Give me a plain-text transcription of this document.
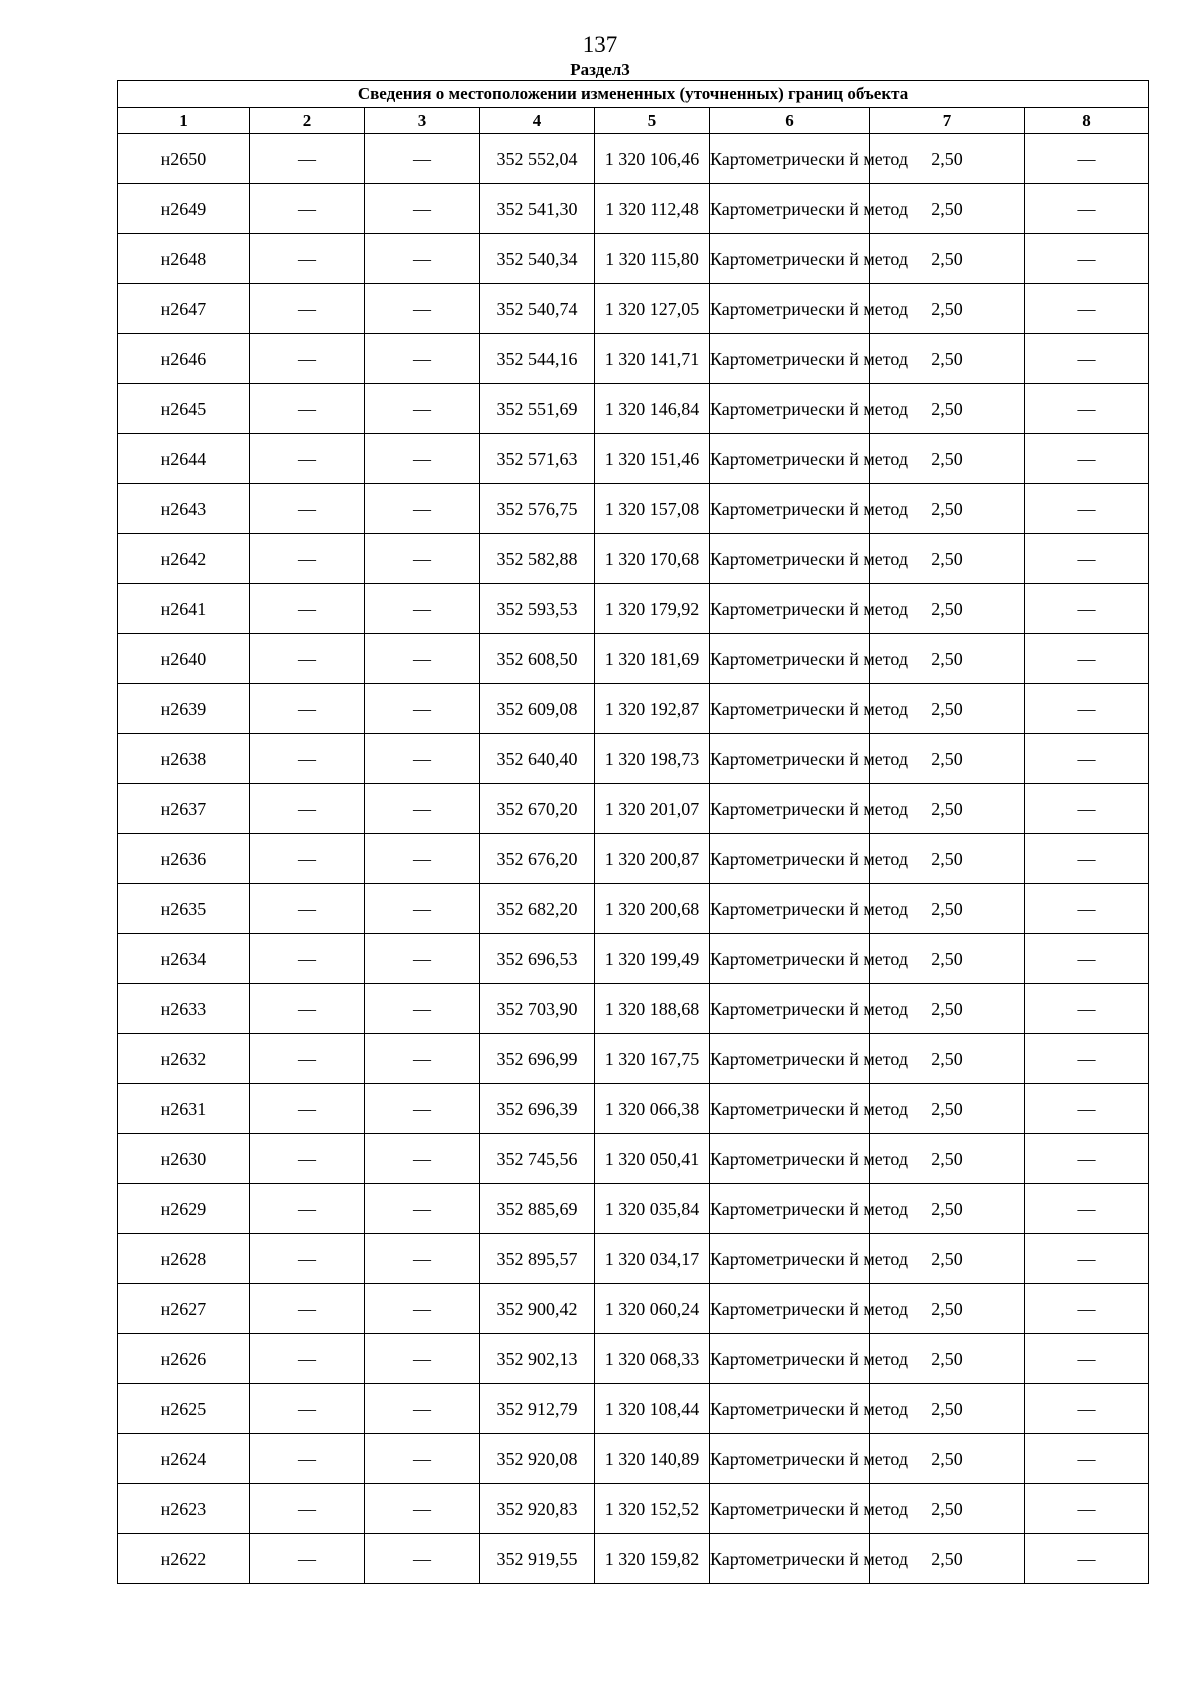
137
Раздел3
Сведения о местоположении измененных (уточненных) границ объекта							
1	2	3	4	5	6	7	8
н2650	—	—	352 552,04	1 320 106,46	Картометрически й метод	2,50	—
н2649	—	—	352 541,30	1 320 112,48	Картометрически й метод	2,50	—
н2648	—	—	352 540,34	1 320 115,80	Картометрически й метод	2,50	—
н2647	—	—	352 540,74	1 320 127,05	Картометрически й метод	2,50	—
н2646	—	—	352 544,16	1 320 141,71	Картометрически й метод	2,50	—
н2645	—	—	352 551,69	1 320 146,84	Картометрически й метод	2,50	—
н2644	—	—	352 571,63	1 320 151,46	Картометрически й метод	2,50	—
н2643	—	—	352 576,75	1 320 157,08	Картометрически й метод	2,50	—
н2642	—	—	352 582,88	1 320 170,68	Картометрически й метод	2,50	—
н2641	—	—	352 593,53	1 320 179,92	Картометрически й метод	2,50	—
н2640	—	—	352 608,50	1 320 181,69	Картометрически й метод	2,50	—
н2639	—	—	352 609,08	1 320 192,87	Картометрически й метод	2,50	—
н2638	—	—	352 640,40	1 320 198,73	Картометрически й метод	2,50	—
н2637	—	—	352 670,20	1 320 201,07	Картометрически й метод	2,50	—
н2636	—	—	352 676,20	1 320 200,87	Картометрически й метод	2,50	—
н2635	—	—	352 682,20	1 320 200,68	Картометрически й метод	2,50	—
н2634	—	—	352 696,53	1 320 199,49	Картометрически й метод	2,50	—
н2633	—	—	352 703,90	1 320 188,68	Картометрически й метод	2,50	—
н2632	—	—	352 696,99	1 320 167,75	Картометрически й метод	2,50	—
н2631	—	—	352 696,39	1 320 066,38	Картометрически й метод	2,50	—
н2630	—	—	352 745,56	1 320 050,41	Картометрически й метод	2,50	—
н2629	—	—	352 885,69	1 320 035,84	Картометрически й метод	2,50	—
н2628	—	—	352 895,57	1 320 034,17	Картометрически й метод	2,50	—
н2627	—	—	352 900,42	1 320 060,24	Картометрически й метод	2,50	—
н2626	—	—	352 902,13	1 320 068,33	Картометрически й метод	2,50	—
н2625	—	—	352 912,79	1 320 108,44	Картометрически й метод	2,50	—
н2624	—	—	352 920,08	1 320 140,89	Картометрически й метод	2,50	—
н2623	—	—	352 920,83	1 320 152,52	Картометрически й метод	2,50	—
н2622	—	—	352 919,55	1 320 159,82	Картометрически й метод	2,50	—
